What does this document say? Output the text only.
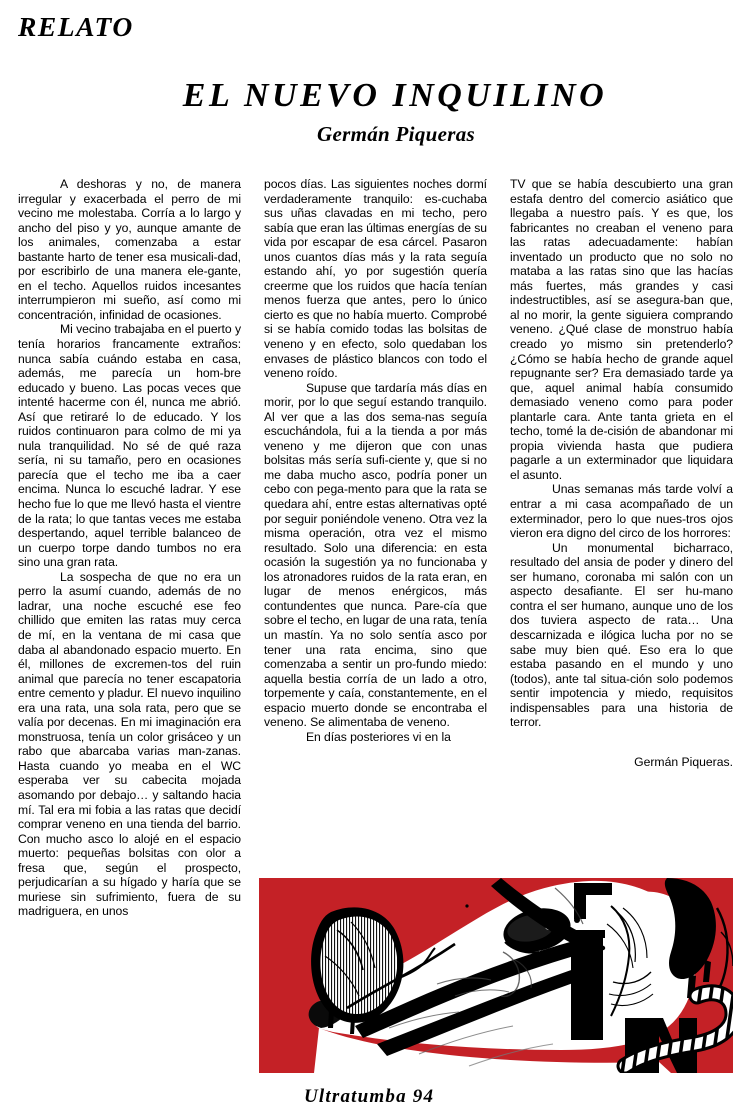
RELATO
EL NUEVO INQUILINO
Germán Piqueras

A deshoras y no, de manera irregular y exacerbada el perro de mi vecino me molestaba. Corría a lo largo y ancho del piso y yo, aunque amante de los animales, comenzaba a estar bastante harto de tener esa musicali-dad, por escribirlo de una manera ele-gante, en el techo. Aquellos ruidos incesantes interrumpieron mi sueño, así como mi concentración, infinidad de ocasiones.

Mi vecino trabajaba en el puerto y tenía horarios francamente extraños: nunca sabía cuándo estaba en casa, además, me parecía un hom-bre educado y bueno. Las pocas veces que intenté hacerme con él, nunca me abrió. Así que retiraré lo de educado. Y los ruidos continuaron para colmo de mi ya nula tranquilidad. No sé de qué raza sería, ni su tamaño, pero en ocasiones parecía que el techo me iba a caer encima. Nunca lo escuché ladrar. Y ese hecho fue lo que me llevó hasta el vientre de la rata; lo que tantas veces me estaba despertando, aquel terrible balanceo de un cuerpo torpe dando tumbos no era sino una gran rata.

La sospecha de que no era un perro la asumí cuando, además de no ladrar, una noche escuché ese feo chillido que emiten las ratas muy cerca de mí, en la ventana de mi casa que daba al abandonado espacio muerto. En él, millones de excremen-tos del ruin animal que parecía no tener escapatoria entre cemento y pladur. El nuevo inquilino era una rata, una sola rata, pero que se valía por decenas. En mi imaginación era monstruosa, tenía un color grisáceo y un rabo que abarcaba varias man-zanas. Hasta cuando yo meaba en el WC esperaba ver su cabecita mojada asomando por debajo… y saltando hacia mí. Tal era mi fobia a las ratas que decidí comprar veneno en una tienda del barrio. Con mucho asco lo alojé en el espacio muerto: pequeñas bolsitas con olor a fresa que, según el prospecto, perjudicarían a su hígado y haría que se muriese sin sufrimiento, fuera de su madriguera, en unos

pocos días. Las siguientes noches dormí verdaderamente tranquilo: es-cuchaba sus uñas clavadas en mi techo, pero sabía que eran las últimas energías de su vida por escapar de esa cárcel. Pasaron unos cuantos días más y la rata seguía estando ahí, yo por sugestión quería creerme que los ruidos que hacía tenían menos fuerza que antes, pero lo único cierto es que no había muerto. Comprobé si se había comido todas las bolsitas de veneno y en efecto, solo quedaban los envases de plástico blancos con todo el veneno roído.

Supuse que tardaría más días en morir, por lo que seguí estando tranquilo. Al ver que a las dos sema-nas seguía escuchándola, fui a la tienda a por más veneno y me dijeron que con unas bolsitas más sería sufi-ciente y, que si no me daba mucho asco, podría poner un cebo con pega-mento para que la rata se quedara ahí, entre estas alternativas opté por seguir poniéndole veneno. Otra vez la misma operación, otra vez el mismo resultado. Solo una diferencia: en esta ocasión la sugestión ya no funcionaba y los atronadores ruidos de la rata eran, en lugar de menos enérgicos, más contundentes que nunca. Pare-cía que sobre el techo, en lugar de una rata, tenía un mastín. Ya no solo sentía asco por tener una rata encima, sino que comenzaba a sentir un pro-fundo miedo: aquella bestia corría de un lado a otro, torpemente y caía, constantemente, en el espacio muerto donde se encontraba el veneno. Se alimentaba de veneno.

En días posteriores vi en la

TV que se había descubierto una gran estafa dentro del comercio asiático que llegaba a nuestro país. Y es que, los fabricantes no creaban el veneno para las ratas adecuadamente: habían inventado un producto que no solo no mataba a las ratas sino que las hacías más fuertes, más grandes y casi indestructibles, así se asegura-ban que, al no morir, la gente siguiera comprando veneno. ¿Qué clase de monstruo había creado yo mismo sin pretenderlo? ¿Cómo se había hecho de grande aquel repugnante ser? Era demasiado tarde ya que, aquel animal había consumido demasiado veneno como para poder plantarle cara. Ante tanta grieta en el techo, tomé la de-cisión de abandonar mi propia vivienda hasta que pudiera pagarle a un exterminador que liquidara el asunto.

Unas semanas más tarde volví a entrar a mi casa acompañado de un exterminador, pero lo que nues-tros ojos vieron era digno del circo de los horrores:

Un monumental bicharraco, resultado del ansia de poder y dinero del ser humano, coronaba mi salón con un aspecto desafiante. El ser hu-mano contra el ser humano, aunque uno de los dos tuviera aspecto de rata… Una descarnizada e ilógica lucha por no se sabe muy bien qué. Eso era lo que estaba pasando en el mundo y uno (todos), ante tal situa-ción solo podemos sentir impotencia y miedo, requisitos indispensables para una historia de terror.

Germán Piqueras.

Ultratumba 94
